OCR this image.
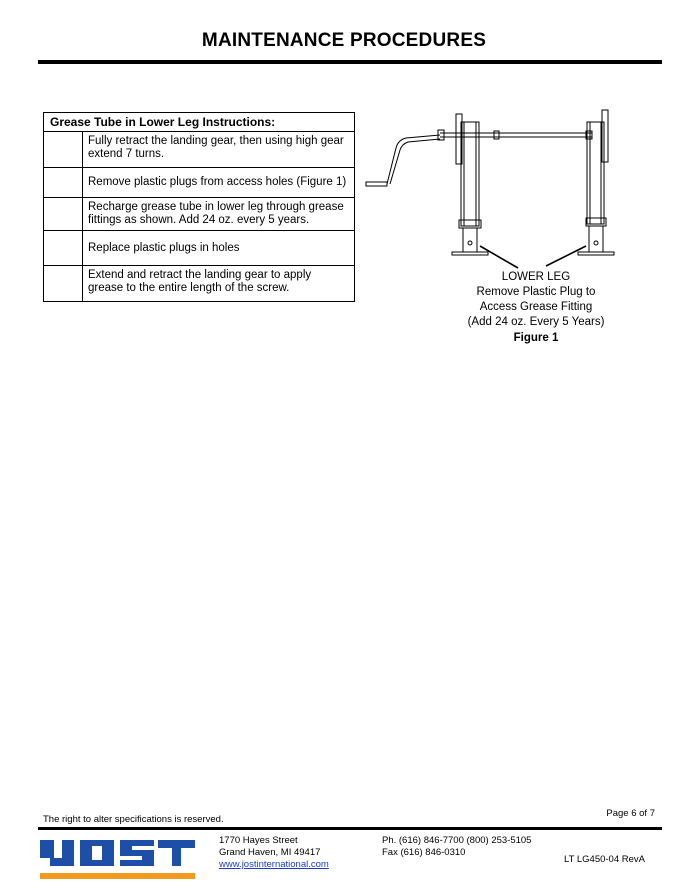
MAINTENANCE PROCEDURES
Grease Tube in Lower Leg Instructions:	
	Fully retract the landing gear, then using high gear extend 7 turns.
	Remove plastic plugs from access holes (Figure 1)
	Recharge grease tube in lower leg through grease fittings as shown. Add 24 oz. every 5 years.
	Replace plastic plugs in holes
	Extend and retract the landing gear to apply grease to the entire length of the screw.
LOWER LEG
Remove Plastic Plug to
Access Grease Fitting
(Add 24 oz. Every 5 Years)
Figure 1
The right to alter specifications is reserved.
Page 6 of 7
1770 Hayes Street
Grand Haven, MI 49417
www.jostinternational.com
Ph. (616) 846-7700 (800) 253-5105
Fax (616) 846-0310
LT LG450-04 RevA
